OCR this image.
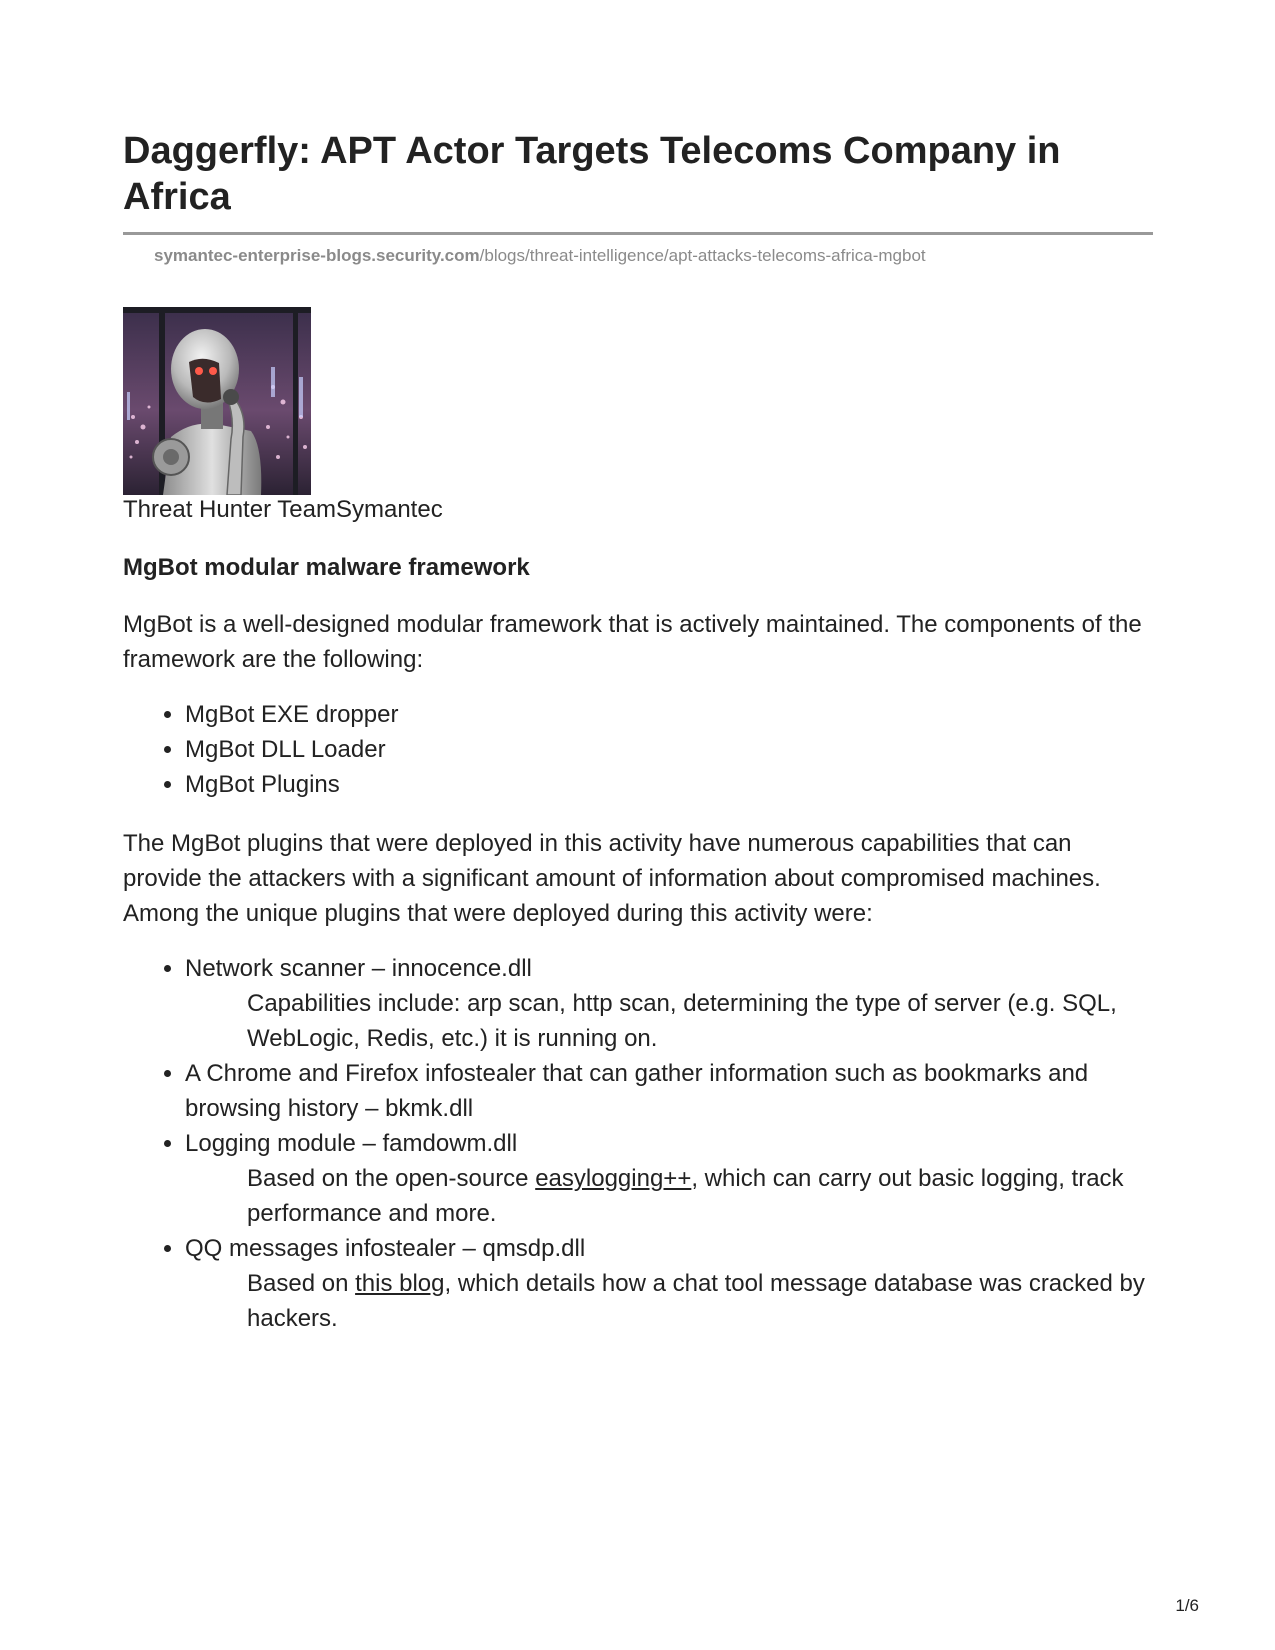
Daggerfly: APT Actor Targets Telecoms Company in Africa
symantec-enterprise-blogs.security.com/blogs/threat-intelligence/apt-attacks-telecoms-africa-mgbot
Threat Hunter TeamSymantec
MgBot modular malware framework

MgBot is a well-designed modular framework that is actively maintained. The components of the framework are the following:

• MgBot EXE dropper
• MgBot DLL Loader
• MgBot Plugins

The MgBot plugins that were deployed in this activity have numerous capabilities that can provide the attackers with a significant amount of information about compromised machines. Among the unique plugins that were deployed during this activity were:

• Network scanner – innocence.dll
Capabilities include: arp scan, http scan, determining the type of server (e.g. SQL, WebLogic, Redis, etc.) it is running on.
• A Chrome and Firefox infostealer that can gather information such as bookmarks and browsing history – bkmk.dll
• Logging module – famdowm.dll
Based on the open-source easylogging++, which can carry out basic logging, track performance and more.
• QQ messages infostealer – qmsdp.dll
Based on this blog, which details how a chat tool message database was cracked by hackers.
1/6
